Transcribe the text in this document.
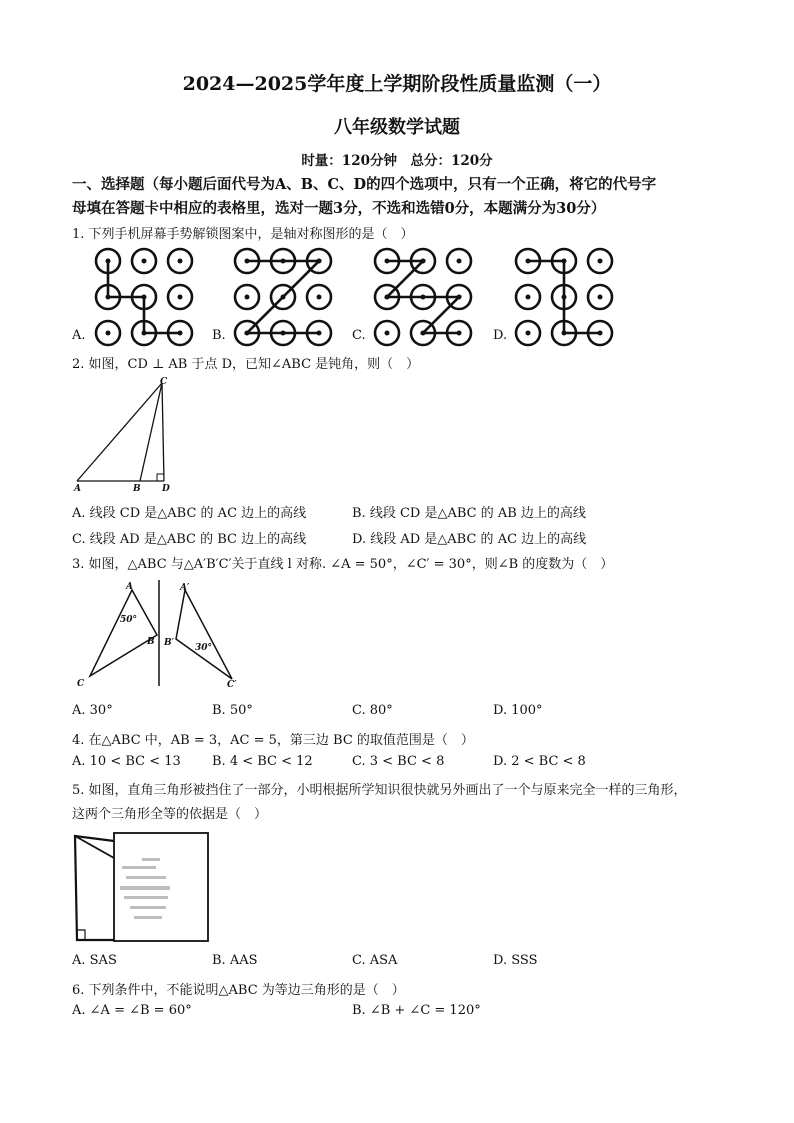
2024—2025学年度上学期阶段性质量监测（一）
八年级数学试题
时量：120分钟　总分：120分
一、选择题（每小题后面代号为A、B、C、D的四个选项中，只有一个正确，将它的代号字
母填在答题卡中相应的表格里，选对一题3分，不选和选错0分，本题满分为30分）
1. 下列手机屏幕手势解锁图案中，是轴对称图形的是（　）
A.	B.	C.	D.
2. 如图，CD ⊥ AB 于点 D，已知∠ABC 是钝角，则（　）
C
A	B D
A. 线段 CD 是△ABC 的 AC 边上的高线	B. 线段 CD 是△ABC 的 AB 边上的高线
C. 线段 AD 是△ABC 的 BC 边上的高线	D. 线段 AD 是△ABC 的 AC 边上的高线
3. 如图，△ABC 与△A′B′C′关于直线 l 对称. ∠A = 50°，∠C′ = 30°，则∠B 的度数为（　）
A
50°
B
C
A′
B′ 30°
C′
A. 30°	B. 50°	C. 80°	D. 100°
4. 在△ABC 中，AB = 3，AC = 5，第三边 BC 的取值范围是（　）
A. 10 < BC < 13 B. 4 < BC < 12	C. 3 < BC < 8	D. 2 < BC < 8
5. 如图，直角三角形被挡住了一部分，小明根据所学知识很快就另外画出了一个与原来完全一样的三角形，
这两个三角形全等的依据是（　）
A. SAS	B. AAS	C. ASA	D. SSS
6. 下列条件中，不能说明△ABC 为等边三角形的是（　）
A. ∠A = ∠B = 60°	B. ∠B + ∠C = 120°
